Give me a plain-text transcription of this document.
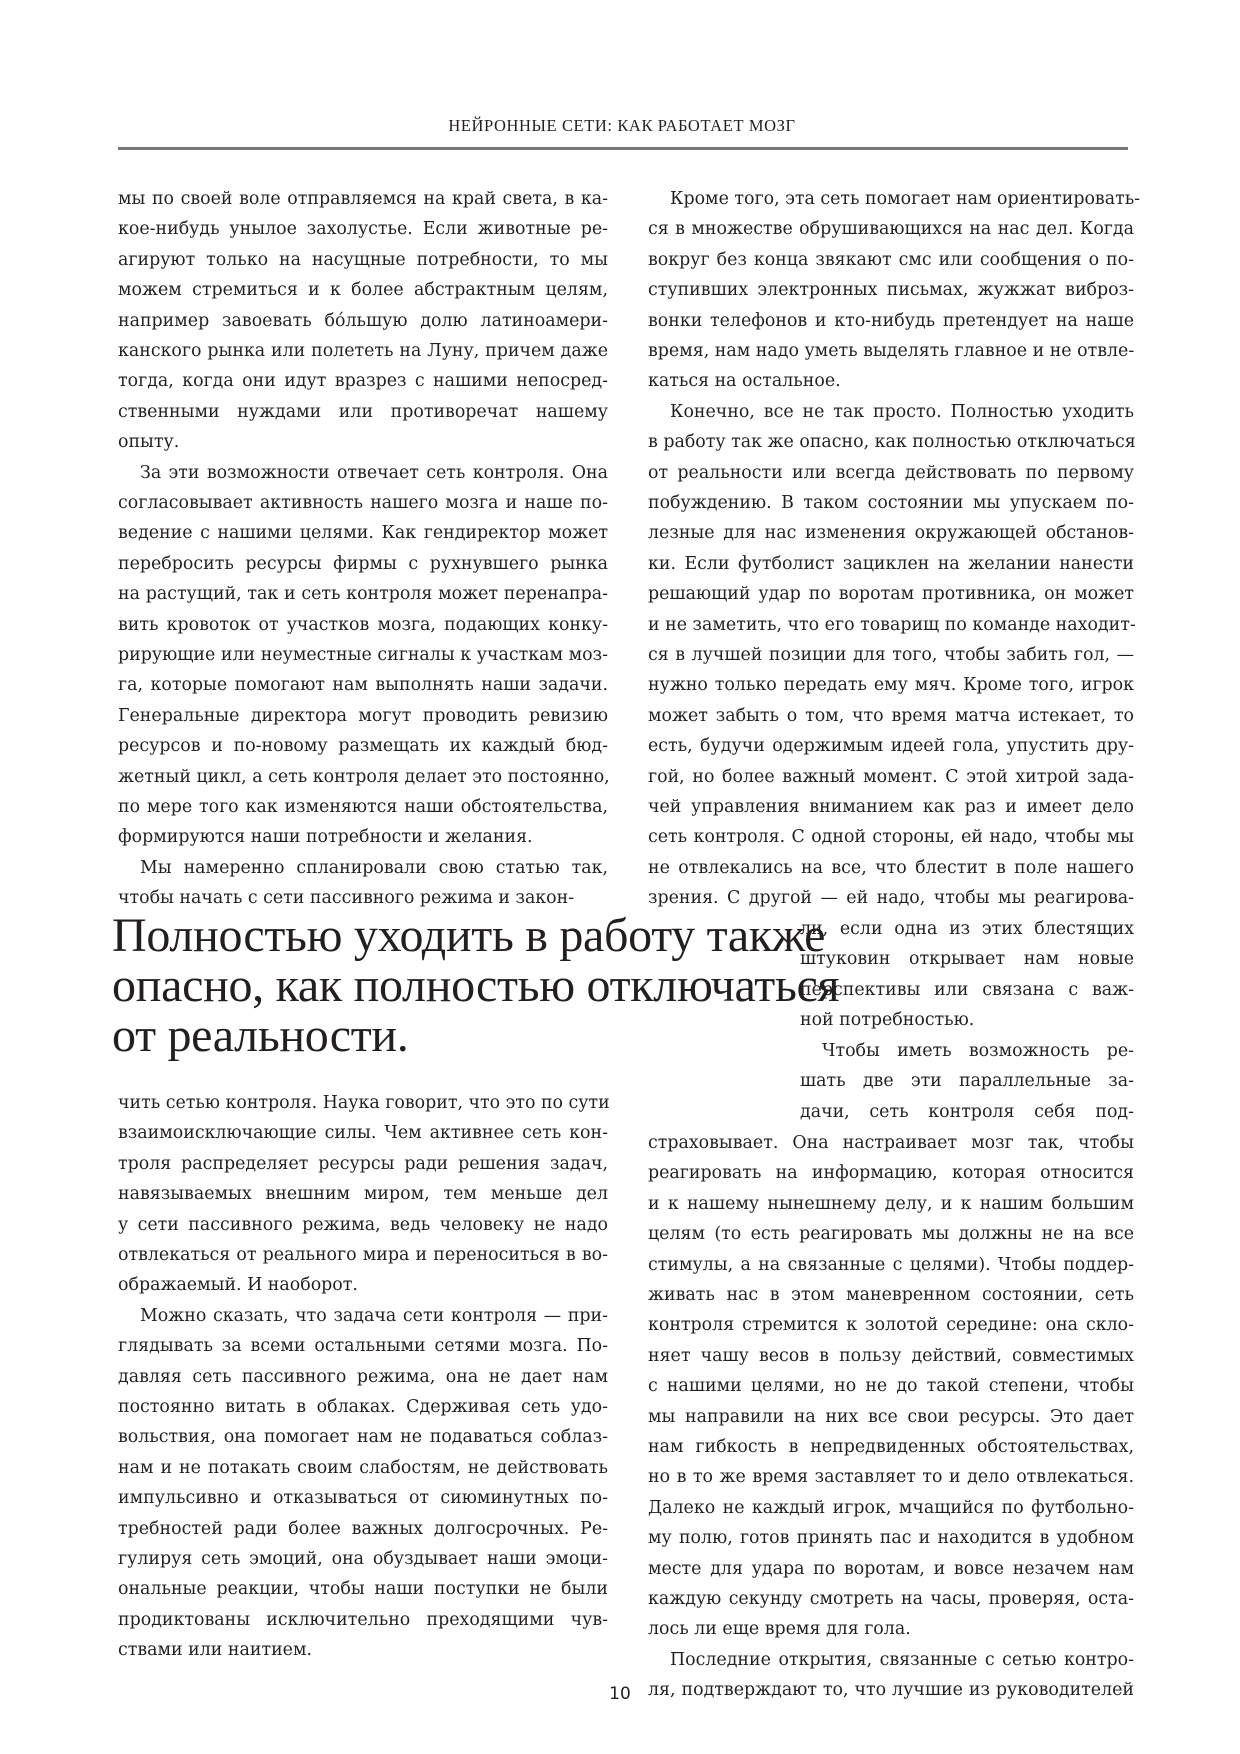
НЕЙРОННЫЕ СЕТИ: КАК РАБОТАЕТ МОЗГ
мы по своей воле отправляемся на край света, в ка-
кое-нибудь унылое захолустье. Если животные ре-
агируют только на насущные потребности, то мы
можем стремиться и к более абстрактным целям,
например завоевать бóльшую долю латиноамери-
канского рынка или полететь на Луну, причем даже
тогда, когда они идут вразрез с нашими непосред-
ственными нуждами или противоречат нашему
опыту.
За эти возможности отвечает сеть контроля. Она
согласовывает активность нашего мозга и наше по-
ведение с нашими целями. Как гендиректор может
перебросить ресурсы фирмы с рухнувшего рынка
на растущий, так и сеть контроля может перенапра-
вить кровоток от участков мозга, подающих конку-
рирующие или неуместные сигналы к участкам моз-
га, которые помогают нам выполнять наши задачи.
Генеральные директора могут проводить ревизию
ресурсов и по-новому размещать их каждый бюд-
жетный цикл, а сеть контроля делает это постоянно,
по мере того как изменяются наши обстоятельства,
формируются наши потребности и желания.
Мы намеренно спланировали свою статью так,
чтобы начать с сети пассивного режима и закон-
чить сетью контроля. Наука говорит, что это по сути
взаимоисключающие силы. Чем активнее сеть кон-
троля распределяет ресурсы ради решения задач,
навязываемых внешним миром, тем меньше дел
у сети пассивного режима, ведь человеку не надо
отвлекаться от реального мира и переноситься в во-
ображаемый. И наоборот.
Можно сказать, что задача сети контроля — при-
глядывать за всеми остальными сетями мозга. По-
давляя сеть пассивного режима, она не дает нам
постоянно витать в облаках. Сдерживая сеть удо-
вольствия, она помогает нам не подаваться соблаз-
нам и не потакать своим слабостям, не действовать
импульсивно и отказываться от сиюминутных по-
требностей ради более важных долгосрочных. Ре-
гулируя сеть эмоций, она обуздывает наши эмоци-
ональные реакции, чтобы наши поступки не были
продиктованы исключительно преходящими чув-
ствами или наитием.
Кроме того, эта сеть помогает нам ориентировать-
ся в множестве обрушивающихся на нас дел. Когда
вокруг без конца звякают смс или сообщения о по-
ступивших электронных письмах, жужжат виброз-
вонки телефонов и кто-нибудь претендует на наше
время, нам надо уметь выделять главное и не отвле-
каться на остальное.
Конечно, все не так просто. Полностью уходить
в работу так же опасно, как полностью отключаться
от реальности или всегда действовать по первому
побуждению. В таком состоянии мы упускаем по-
лезные для нас изменения окружающей обстанов-
ки. Если футболист зациклен на желании нанести
решающий удар по воротам противника, он может
и не заметить, что его товарищ по команде находит-
ся в лучшей позиции для того, чтобы забить гол, —
нужно только передать ему мяч. Кроме того, игрок
может забыть о том, что время матча истекает, то
есть, будучи одержимым идеей гола, упустить дру-
гой, но более важный момент. С этой хитрой зада-
чей управления вниманием как раз и имеет дело
сеть контроля. С одной стороны, ей надо, чтобы мы
не отвлекались на все, что блестит в поле нашего
зрения. С другой — ей надо, чтобы мы реагирова-
ли, если одна из этих блестящих
штуковин открывает нам новые
перспективы или связана с важ-
ной потребностью.
Чтобы иметь возможность ре-
шать две эти параллельные за-
дачи, сеть контроля себя под-
страховывает. Она настраивает мозг так, чтобы
реагировать на информацию, которая относится
и к нашему нынешнему делу, и к нашим большим
целям (то есть реагировать мы должны не на все
стимулы, а на связанные с целями). Чтобы поддер-
живать нас в этом маневренном состоянии, сеть
контроля стремится к золотой середине: она скло-
няет чашу весов в пользу действий, совместимых
с нашими целями, но не до такой степени, чтобы
мы направили на них все свои ресурсы. Это дает
нам гибкость в непредвиденных обстоятельствах,
но в то же время заставляет то и дело отвлекаться.
Далеко не каждый игрок, мчащийся по футбольно-
му полю, готов принять пас и находится в удобном
месте для удара по воротам, и вовсе незачем нам
каждую секунду смотреть на часы, проверяя, оста-
лось ли еще время для гола.
Последние открытия, связанные с сетью контро-
ля, подтверждают то, что лучшие из руководителей
Полностью уходить в работу также
опасно, как полностью отключаться
от реальности.
10
